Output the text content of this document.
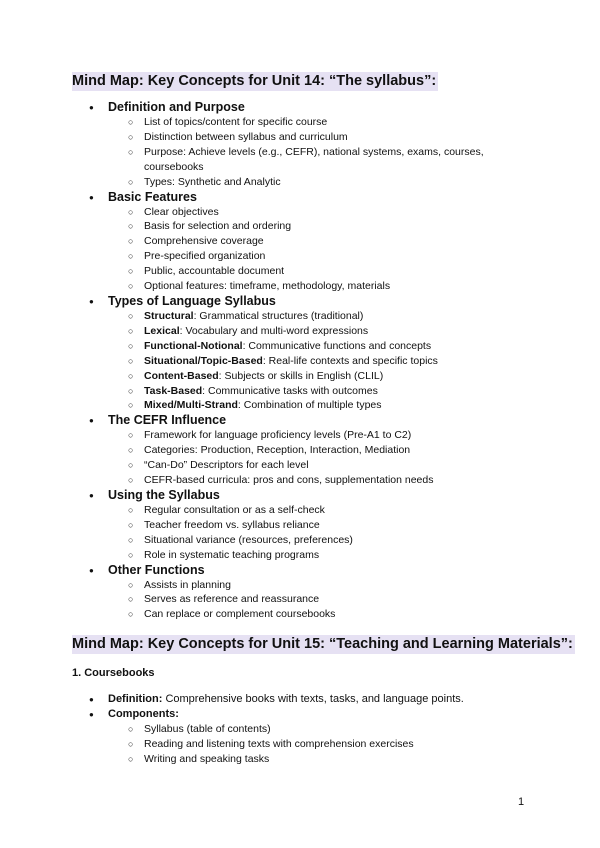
Mind Map: Key Concepts for Unit 14: “The syllabus”:
● Definition and Purpose
○ List of topics/content for specific course
○ Distinction between syllabus and curriculum
○ Purpose: Achieve levels (e.g., CEFR), national systems, exams, courses, coursebooks
○ Types: Synthetic and Analytic
● Basic Features
○ Clear objectives
○ Basis for selection and ordering
○ Comprehensive coverage
○ Pre-specified organization
○ Public, accountable document
○ Optional features: timeframe, methodology, materials
● Types of Language Syllabus
○ Structural: Grammatical structures (traditional)
○ Lexical: Vocabulary and multi-word expressions
○ Functional-Notional: Communicative functions and concepts
○ Situational/Topic-Based: Real-life contexts and specific topics
○ Content-Based: Subjects or skills in English (CLIL)
○ Task-Based: Communicative tasks with outcomes
○ Mixed/Multi-Strand: Combination of multiple types
● The CEFR Influence
○ Framework for language proficiency levels (Pre-A1 to C2)
○ Categories: Production, Reception, Interaction, Mediation
○ “Can-Do” Descriptors for each level
○ CEFR-based curricula: pros and cons, supplementation needs
● Using the Syllabus
○ Regular consultation or as a self-check
○ Teacher freedom vs. syllabus reliance
○ Situational variance (resources, preferences)
○ Role in systematic teaching programs
● Other Functions
○ Assists in planning
○ Serves as reference and reassurance
○ Can replace or complement coursebooks
Mind Map: Key Concepts for Unit 15: “Teaching and Learning Materials”:
1. Coursebooks
● Definition: Comprehensive books with texts, tasks, and language points.
● Components:
○ Syllabus (table of contents)
○ Reading and listening texts with comprehension exercises
○ Writing and speaking tasks
1
